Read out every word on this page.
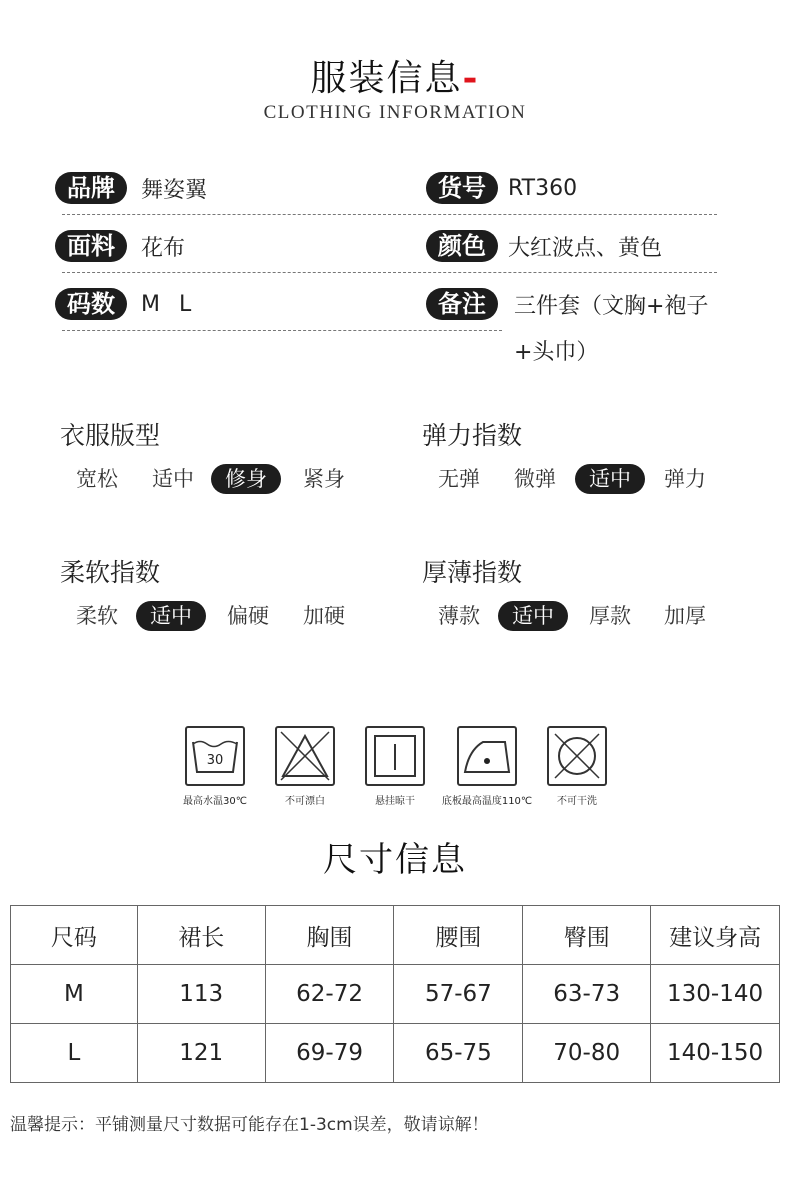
服装信息-
CLOTHING INFORMATION
品牌	舞姿翼	货号	RT360
面料	花布	颜色	大红波点、黄色
码数	M L	备注	三件套（文胸+袍子
+头巾）
衣服版型
宽松	适中	修身	紧身
弹力指数
无弹	微弹	适中	弹力
柔软指数
柔软	适中	偏硬	加硬
厚薄指数
薄款	适中	厚款	加厚
30
最高水温30℃	不可漂白	悬挂晾干	底板最高温度110℃	不可干洗
尺寸信息
尺码	裙长	胸围	腰围	臀围	建议身高
M	113	62-72	57-67	63-73	130-140
L	121	69-79	65-75	70-80	140-150
温馨提示：平铺测量尺寸数据可能存在1-3cm误差，敬请谅解！
